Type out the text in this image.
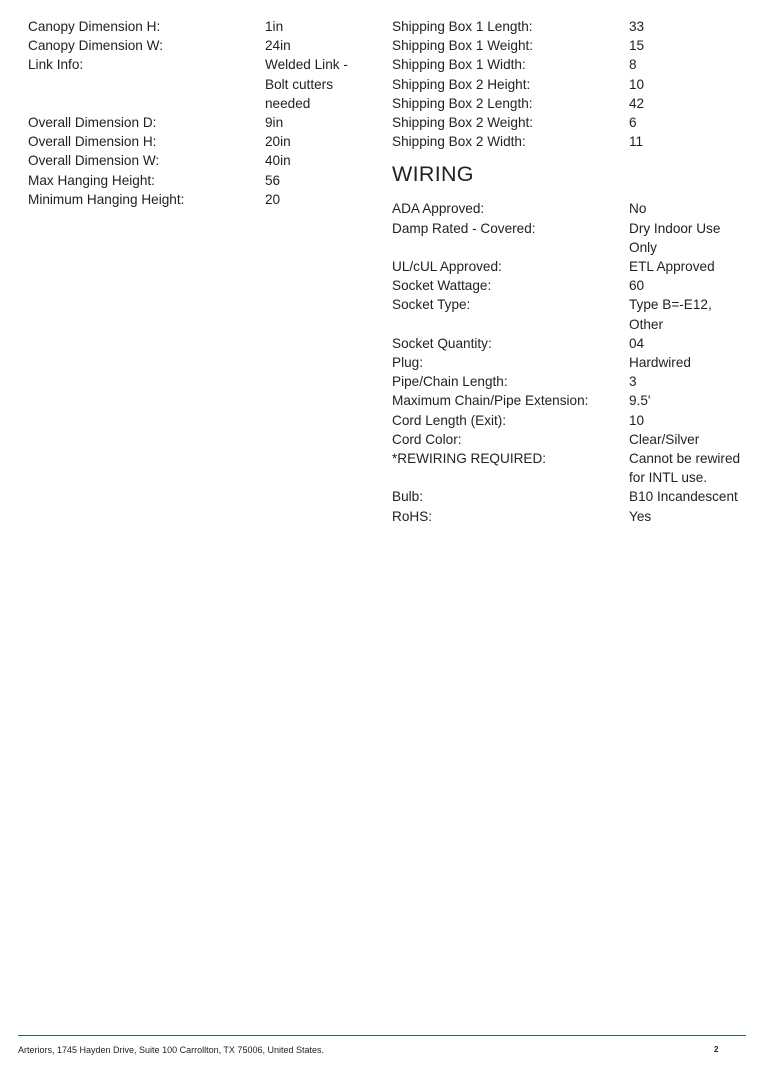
Canopy Dimension H:	1in
Canopy Dimension W:	24in
Link Info:	Welded Link - Bolt cutters needed
Overall Dimension D:	9in
Overall Dimension H:	20in
Overall Dimension W:	40in
Max Hanging Height:	56
Minimum Hanging Height:	20
Shipping Box 1 Length:	33
Shipping Box 1 Weight:	15
Shipping Box 1 Width:	8
Shipping Box 2 Height:	10
Shipping Box 2 Length:	42
Shipping Box 2 Weight:	6
Shipping Box 2 Width:	11
WIRING
ADA Approved:	No
Damp Rated - Covered:	Dry Indoor Use Only
UL/cUL Approved:	ETL Approved
Socket Wattage:	60
Socket Type:	Type B=-E12, Other
Socket Quantity:	04
Plug:	Hardwired
Pipe/Chain Length:	3
Maximum Chain/Pipe Extension:	9.5'
Cord Length (Exit):	10
Cord Color:	Clear/Silver
*REWIRING REQUIRED:	Cannot be rewired for INTL use.
Bulb:	B10 Incandescent
RoHS:	Yes
Arteriors, 1745 Hayden Drive, Suite 100 Carrollton, TX 75006, United States.	2
